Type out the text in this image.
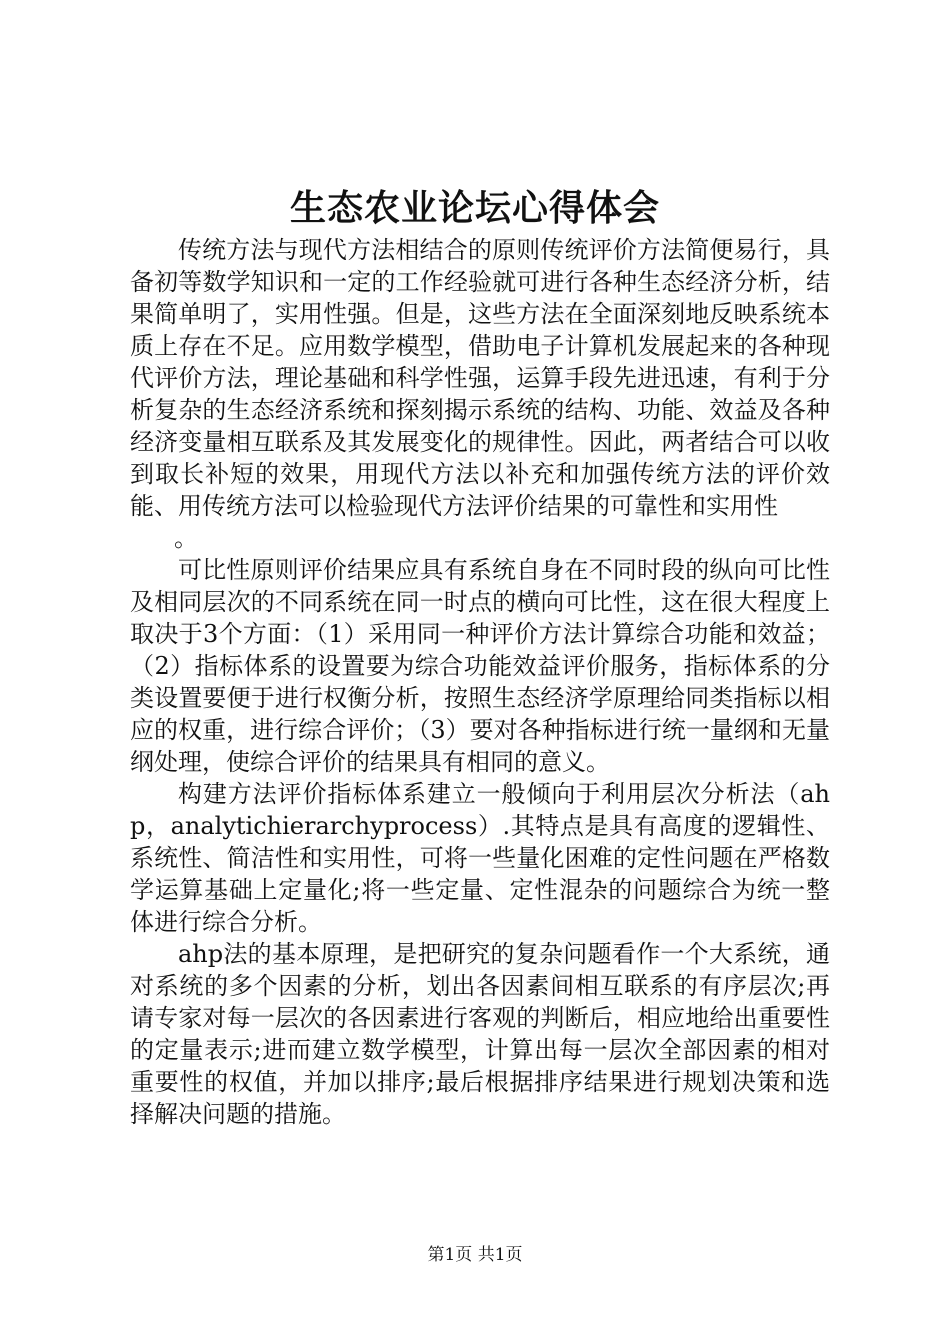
生态农业论坛心得体会

传统方法与现代方法相结合的原则传统评价方法简便易行，具备初等数学知识和一定的工作经验就可进行各种生态经济分析，结果简单明了，实用性强。但是，这些方法在全面深刻地反映系统本质上存在不足。应用数学模型，借助电子计算机发展起来的各种现代评价方法，理论基础和科学性强，运算手段先进迅速，有利于分析复杂的生态经济系统和探刻揭示系统的结构、功能、效益及各种经济变量相互联系及其发展变化的规律性。因此，两者结合可以收到取长补短的效果，用现代方法以补充和加强传统方法的评价效能、用传统方法可以检验现代方法评价结果的可靠性和实用性

。

可比性原则评价结果应具有系统自身在不同时段的纵向可比性及相同层次的不同系统在同一时点的横向可比性，这在很大程度上取决于3个方面：（1）采用同一种评价方法计算综合功能和效益；（2）指标体系的设置要为综合功能效益评价服务，指标体系的分类设置要便于进行权衡分析，按照生态经济学原理给同类指标以相应的权重，进行综合评价；（3）要对各种指标进行统一量纲和无量纲处理，使综合评价的结果具有相同的意义。

构建方法评价指标体系建立一般倾向于利用层次分析法（ahp，analytichierarchyprocess）.其特点是具有高度的逻辑性、系统性、简洁性和实用性，可将一些量化困难的定性问题在严格数学运算基础上定量化;将一些定量、定性混杂的问题综合为统一整体进行综合分析。

ahp法的基本原理，是把研究的复杂问题看作一个大系统，通对系统的多个因素的分析，划出各因素间相互联系的有序层次;再请专家对每一层次的各因素进行客观的判断后，相应地给出重要性的定量表示;进而建立数学模型，计算出每一层次全部因素的相对重要性的权值，并加以排序;最后根据排序结果进行规划决策和选择解决问题的措施。

第1页 共1页
